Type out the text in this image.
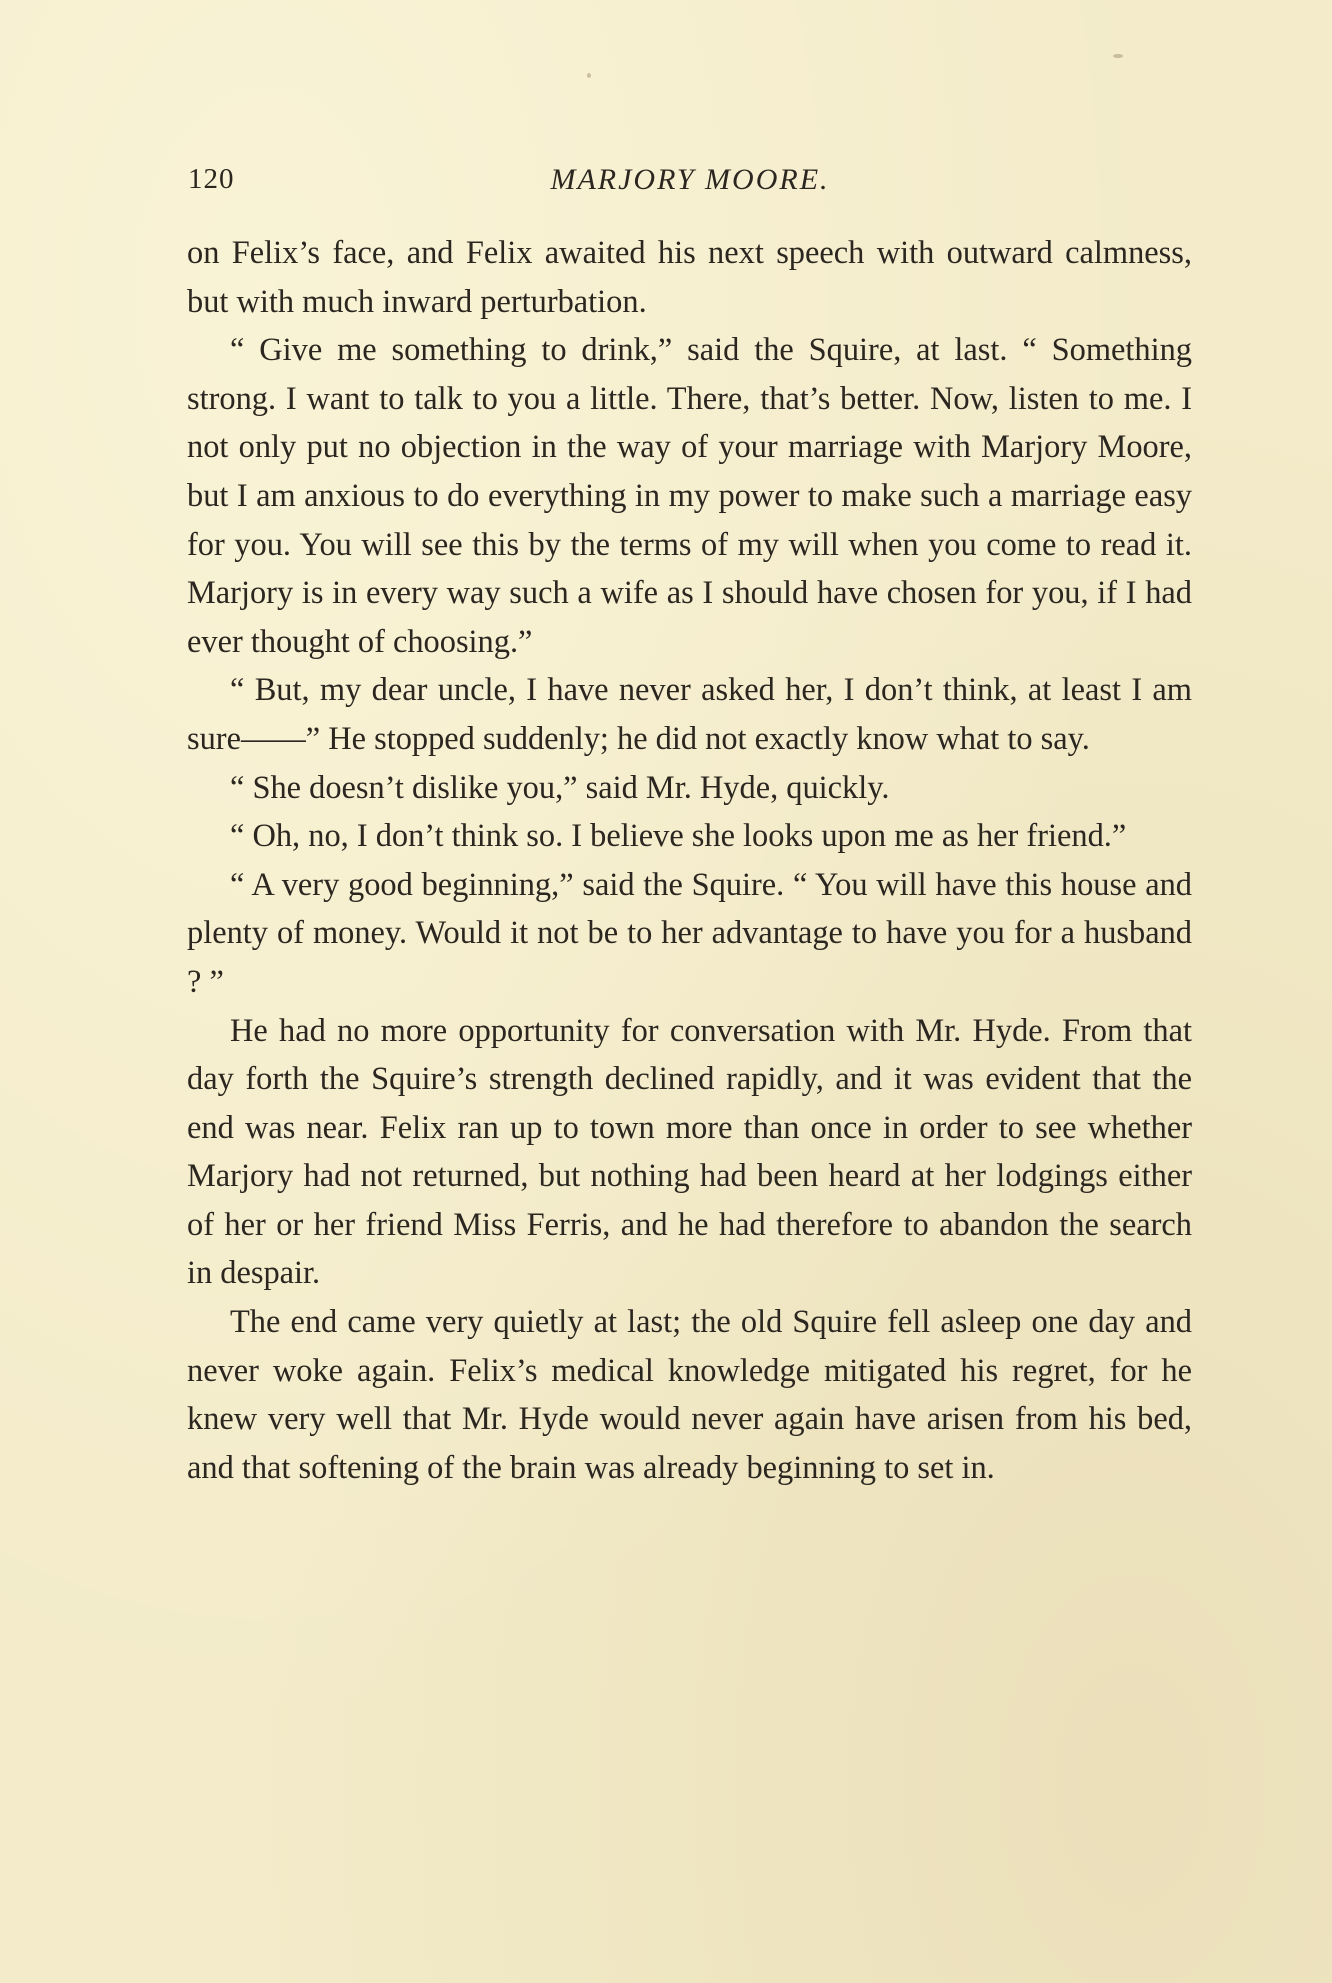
120	MARJORY MOORE.

on Felix’s face, and Felix awaited his next speech with outward calmness, but with much inward perturbation.

“ Give me something to drink,” said the Squire, at last. “ Something strong. I want to talk to you a little. There, that’s better. Now, listen to me. I not only put no objection in the way of your marriage with Marjory Moore, but I am anxious to do everything in my power to make such a marriage easy for you. You will see this by the terms of my will when you come to read it. Marjory is in every way such a wife as I should have chosen for you, if I had ever thought of choosing.”

“ But, my dear uncle, I have never asked her, I don’t think, at least I am sure——” He stopped suddenly; he did not exactly know what to say.

“ She doesn’t dislike you,” said Mr. Hyde, quickly.

“ Oh, no, I don’t think so. I believe she looks upon me as her friend.”

“ A very good beginning,” said the Squire. “ You will have this house and plenty of money. Would it not be to her advantage to have you for a husband ? ”

He had no more opportunity for conversation with Mr. Hyde. From that day forth the Squire’s strength declined rapidly, and it was evident that the end was near. Felix ran up to town more than once in order to see whether Marjory had not returned, but nothing had been heard at her lodgings either of her or her friend Miss Ferris, and he had therefore to abandon the search in despair.

The end came very quietly at last; the old Squire fell asleep one day and never woke again. Felix’s medical knowledge mitigated his regret, for he knew very well that Mr. Hyde would never again have arisen from his bed, and that softening of the brain was already beginning to set in.
